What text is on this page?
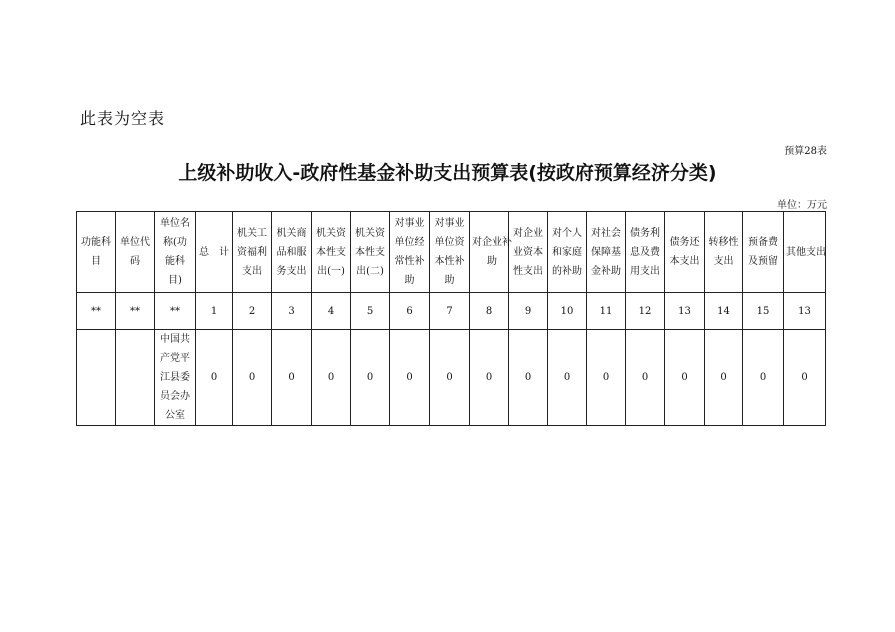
此表为空表
预算28表
上级补助收入-政府性基金补助支出预算表(按政府预算经济分类)
单位：万元
功能科目	单位代码	单位名称(功能科目)	总　计	机关工资福利支出	机关商品和服务支出	机关资本性支出(一)	机关资本性支出(二)	对事业单位经常性补助	对事业单位资本性补助	对企业补助	对企业业资本性支出	对个人和家庭的补助	对社会保障基金补助	债务利息及费用支出	债务还本支出	转移性支出	预备费及预留	其他支出
**	**	**	1	2	3	4	5	6	7	8	9	10	11	12	13	14	15	13
		中国共产党平江县委员会办公室	0	0	0	0	0	0	0	0	0	0	0	0	0	0	0	0
